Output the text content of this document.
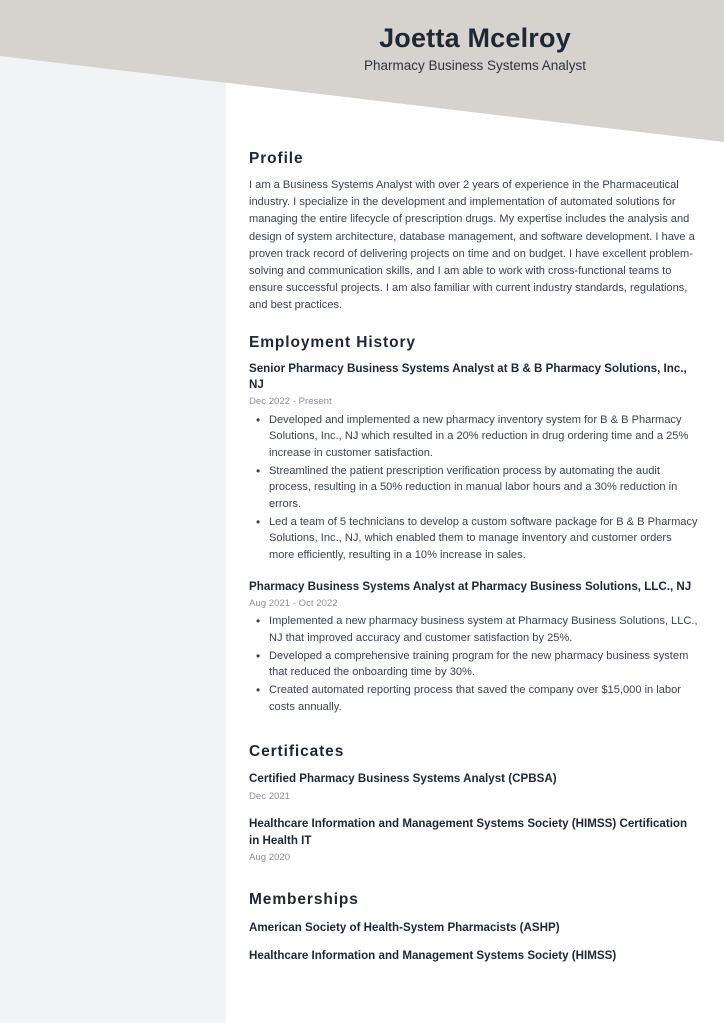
Joetta Mcelroy
Pharmacy Business Systems Analyst
Profile
I am a Business Systems Analyst with over 2 years of experience in the Pharmaceutical industry. I specialize in the development and implementation of automated solutions for managing the entire lifecycle of prescription drugs. My expertise includes the analysis and design of system architecture, database management, and software development. I have a proven track record of delivering projects on time and on budget. I have excellent problem-solving and communication skills, and I am able to work with cross-functional teams to ensure successful projects. I am also familiar with current industry standards, regulations, and best practices.
Employment History
Senior Pharmacy Business Systems Analyst at B & B Pharmacy Solutions, Inc., NJ
Dec 2022 - Present
• Developed and implemented a new pharmacy inventory system for B & B Pharmacy Solutions, Inc., NJ which resulted in a 20% reduction in drug ordering time and a 25% increase in customer satisfaction.
• Streamlined the patient prescription verification process by automating the audit process, resulting in a 50% reduction in manual labor hours and a 30% reduction in errors.
• Led a team of 5 technicians to develop a custom software package for B & B Pharmacy Solutions, Inc., NJ, which enabled them to manage inventory and customer orders more efficiently, resulting in a 10% increase in sales.
Pharmacy Business Systems Analyst at Pharmacy Business Solutions, LLC., NJ
Aug 2021 - Oct 2022
• Implemented a new pharmacy business system at Pharmacy Business Solutions, LLC., NJ that improved accuracy and customer satisfaction by 25%.
• Developed a comprehensive training program for the new pharmacy business system that reduced the onboarding time by 30%.
• Created automated reporting process that saved the company over $15,000 in labor costs annually.
Certificates
Certified Pharmacy Business Systems Analyst (CPBSA)
Dec 2021
Healthcare Information and Management Systems Society (HIMSS) Certification in Health IT
Aug 2020
Memberships
American Society of Health-System Pharmacists (ASHP)
Healthcare Information and Management Systems Society (HIMSS)
